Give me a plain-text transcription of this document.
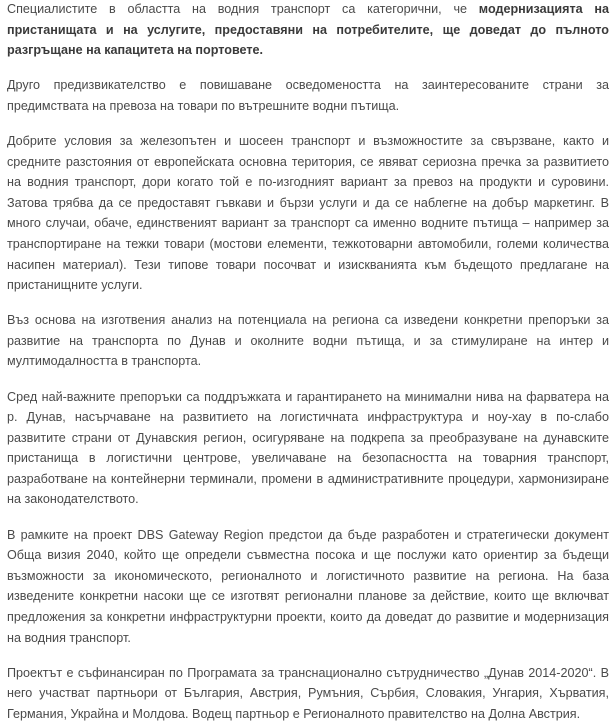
Специалистите в областта на водния транспорт са категорични, че модернизацията на пристанищата и на услугите, предоставяни на потребителите, ще доведат до пълното разгръщане на капацитета на портовете.

Друго предизвикателство е повишаване осведомеността на заинтересованите страни за предимствата на превоза на товари по вътрешните водни пътища.

Добрите условия за железопътен и шосеен транспорт и възможностите за свързване, както и средните разстояния от европейската основна територия, се явяват сериозна пречка за развитието на водния транспорт, дори когато той е по-изгодният вариант за превоз на продукти и суровини. Затова трябва да се предоставят гъвкави и бързи услуги и да се наблегне на добър маркетинг. В много случаи, обаче, единственият вариант за транспорт са именно водните пътища – например за транспортиране на тежки товари (мостови елементи, тежкотоварни автомобили, големи количества насипен материал). Тези типове товари посочват и изискванията към бъдещото предлагане на пристанищните услуги.

Въз основа на изготвения анализ на потенциала на региона са изведени конкретни препоръки за развитие на транспорта по Дунав и околните водни пътища, и за стимулиране на интер и мултимодалността в транспорта.

Сред най-важните препоръки са поддръжката и гарантирането на минимални нива на фарватера на р. Дунав, насърчаване на развитието на логистичната инфраструктура и ноу-хау в по-слабо развитите страни от Дунавския регион, осигуряване на подкрепа за преобразуване на дунавските пристанища в логистични центрове, увеличаване на безопасността на товарния транспорт, разработване на контейнерни терминали, промени в административните процедури, хармонизиране на законодателството.

В рамките на проект DBS Gateway Region предстои да бъде разработен и стратегически документ Обща визия 2040, който ще определи съвместна посока и ще послужи като ориентир за бъдещи възможности за икономическото, регионалното и логистичното развитие на региона. На база изведените конкретни насоки ще се изготвят регионални планове за действие, които ще включват предложения за конкретни инфраструктурни проекти, които да доведат до развитие и модернизация на водния транспорт.

Проектът е съфинансиран по Програмата за транснационално сътрудничество „Дунав 2014-2020“. В него участват партньори от България, Австрия, Румъния, Сърбия, Словакия, Унгария, Хърватия, Германия, Украйна и Молдова. Водещ партньор е Регионалното правителство на Долна Австрия.
